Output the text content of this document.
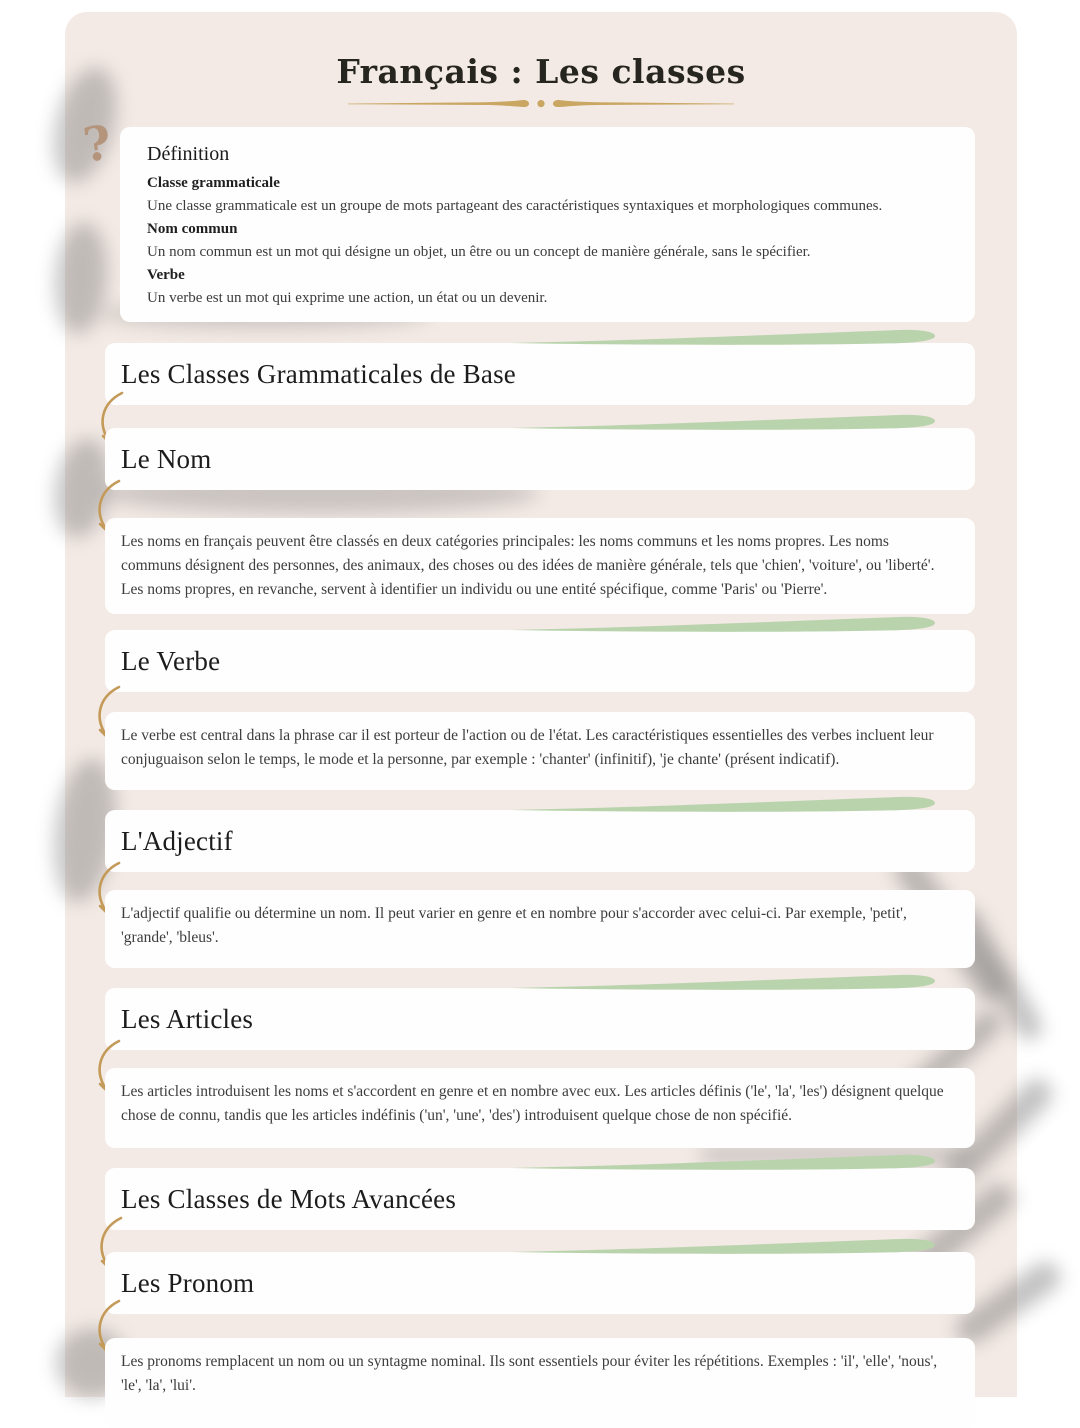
Français : Les classes
?	Définition
Classe grammaticale
Une classe grammaticale est un groupe de mots partageant des caractéristiques syntaxiques et morphologiques communes.
Nom commun
Un nom commun est un mot qui désigne un objet, un être ou un concept de manière générale, sans le spécifier.
Verbe
Un verbe est un mot qui exprime une action, un état ou un devenir.
Les Classes Grammaticales de Base
Le Nom
Les noms en français peuvent être classés en deux catégories principales: les noms communs et les noms propres. Les noms communs désignent des personnes, des animaux, des choses ou des idées de manière générale, tels que 'chien', 'voiture', ou 'liberté'. Les noms propres, en revanche, servent à identifier un individu ou une entité spécifique, comme 'Paris' ou 'Pierre'.
Le Verbe
Le verbe est central dans la phrase car il est porteur de l'action ou de l'état. Les caractéristiques essentielles des verbes incluent leur conjuguaison selon le temps, le mode et la personne, par exemple : 'chanter' (infinitif), 'je chante' (présent indicatif).
L'Adjectif
L'adjectif qualifie ou détermine un nom. Il peut varier en genre et en nombre pour s'accorder avec celui-ci. Par exemple, 'petit', 'grande', 'bleus'.
Les Articles
Les articles introduisent les noms et s'accordent en genre et en nombre avec eux. Les articles définis ('le', 'la', 'les') désignent quelque chose de connu, tandis que les articles indéfinis ('un', 'une', 'des') introduisent quelque chose de non spécifié.
Les Classes de Mots Avancées
Les Pronom
Les pronoms remplacent un nom ou un syntagme nominal. Ils sont essentiels pour éviter les répétitions. Exemples : 'il', 'elle', 'nous', 'le', 'la', 'lui'.
